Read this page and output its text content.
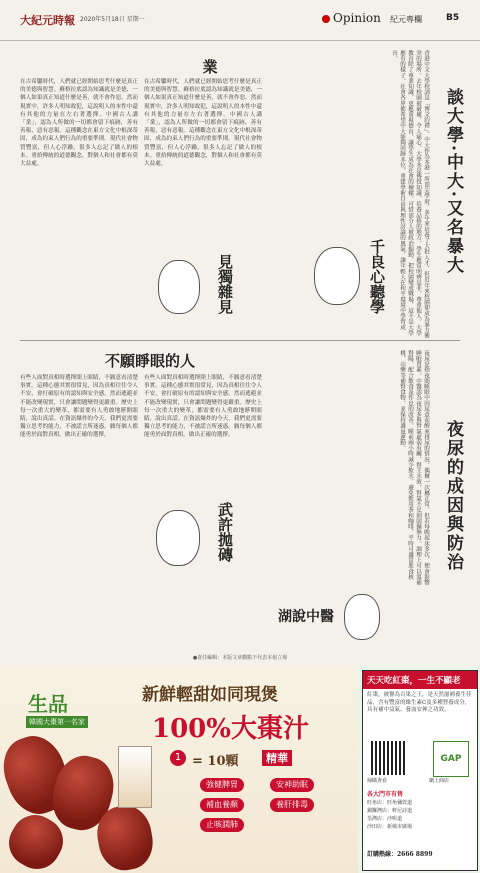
大紀元時報 2020年5月18日 星期一	Opinion 紀元專欄	B5
談大學·中大·又名暴大
香港中文大學校訓是「博文約禮」。中大作為本港一所頂尖學府，多年來培養了大批人才，但近年來校園卻成為暴力衝突的場所。去年校園被破壞，令人痛心。大學本是傳授知識、培養品格的地方，學生應當明辨是非，尊重他人。大學教育除了專業知識，更應重視德育，讓學生成為社會的棟樑。可惜部分人被政治煽動，把校園變成戰場，這不是大學應有的樣子。社會各界都希望中大能夠回歸本位，重建學術自由與理性討論的風氣，讓年輕人在和平環境中學習成長。
業
在古希臘時代，人們就已經開始思考什麼是真正的美德與智慧。蘇格拉底認為知識就是美德，一個人如果真正知道什麼是善，就不會作惡。然而現實中，許多人明知故犯，這說明人的本性中還有其他的力量在左右著選擇。中國古人講「業」，認為人所做的一切都會留下痕跡，善有善報，惡有惡報。這種觀念在東方文化中根深蒂固，成為約束人們行為的重要準則。現代社會物質豐富，但人心浮躁，很多人忘記了做人的根本。重拾傳統的道德觀念，對個人和社會都有莫大益處。
在古希臘時代，人們就已經開始思考什麼是真正的美德與智慧。蘇格拉底認為知識就是美德，一個人如果真正知道什麼是善，就不會作惡。然而現實中，許多人明知故犯，這說明人的本性中還有其他的力量在左右著選擇。中國古人講「業」，認為人所做的一切都會留下痕跡，善有善報，惡有惡報。這種觀念在東方文化中根深蒂固，成為約束人們行為的重要準則。現代社會物質豐富，但人心浮躁，很多人忘記了做人的根本。重拾傳統的道德觀念，對個人和社會都有莫大益處。
見獨雜見	千良心聽學
不願睜眼的人
有些人面對真相時選擇閉上眼睛，不願意看清楚事實。這種心態其實很常見，因為真相往往令人不安，會打破原有的認知與安全感。然而逃避並不能改變現實，只會讓問題變得更嚴重。歷史上每一次重大的變革，都需要有人勇敢地睜開眼睛，說出真話。在資訊爆炸的今天，我們更需要獨立思考的能力，不被謊言所迷惑。願每個人都能勇於面對真相，做出正確的選擇。
有些人面對真相時選擇閉上眼睛，不願意看清楚事實。這種心態其實很常見，因為真相往往令人不安，會打破原有的認知與安全感。然而逃避並不能改變現實，只會讓問題變得更嚴重。歷史上每一次重大的變革，都需要有人勇敢地睜開眼睛，說出真話。在資訊爆炸的今天，我們更需要獨立思考的能力，不被謊言所迷惑。願每個人都能勇於面對真相，做出正確的選擇。
武許拋磚	夜尿的成因與防治
夜尿是指夜間睡眠中因尿意而醒來排尿的情況。偶爾一次屬正常，但若每晚起床多次，便會影響睡眠質素。中醫認為夜尿多與腎氣虛弱有關，腎主水液，腎氣不足則固攝無力。調理上可以溫補腎陽，配合飲食及作息的改善。睡前兩小時減少飲水，避免飲用茶和咖啡，平時可適當進食核桃、山藥等補腎食物，並保持適量運動。
湖說中醫
●責任編輯：本版文章觀點不代表本報立場
生品
韓國大棗第一名家
新鮮輕甜如同現煲
100%大棗汁
1 = 10顆	精華
強健脾胃	安神助眠
補血養顏	養肝排毒
止咳潤肺
天天吃紅棗，一生不顯老
紅棗，被譽為百果之王，是天然滋補養生佳品，含有豐富的維生素C及多種營養成分，具有補中益氣、養血安神之功效。
掃碼查看
GAP
網上商店
各大門市有售
旺角店：旺角彌敦道
銅鑼灣店：軒尼詩道
荃灣店：沙咀道
沙田店：新城市廣場
訂購熱線：2666 8899
